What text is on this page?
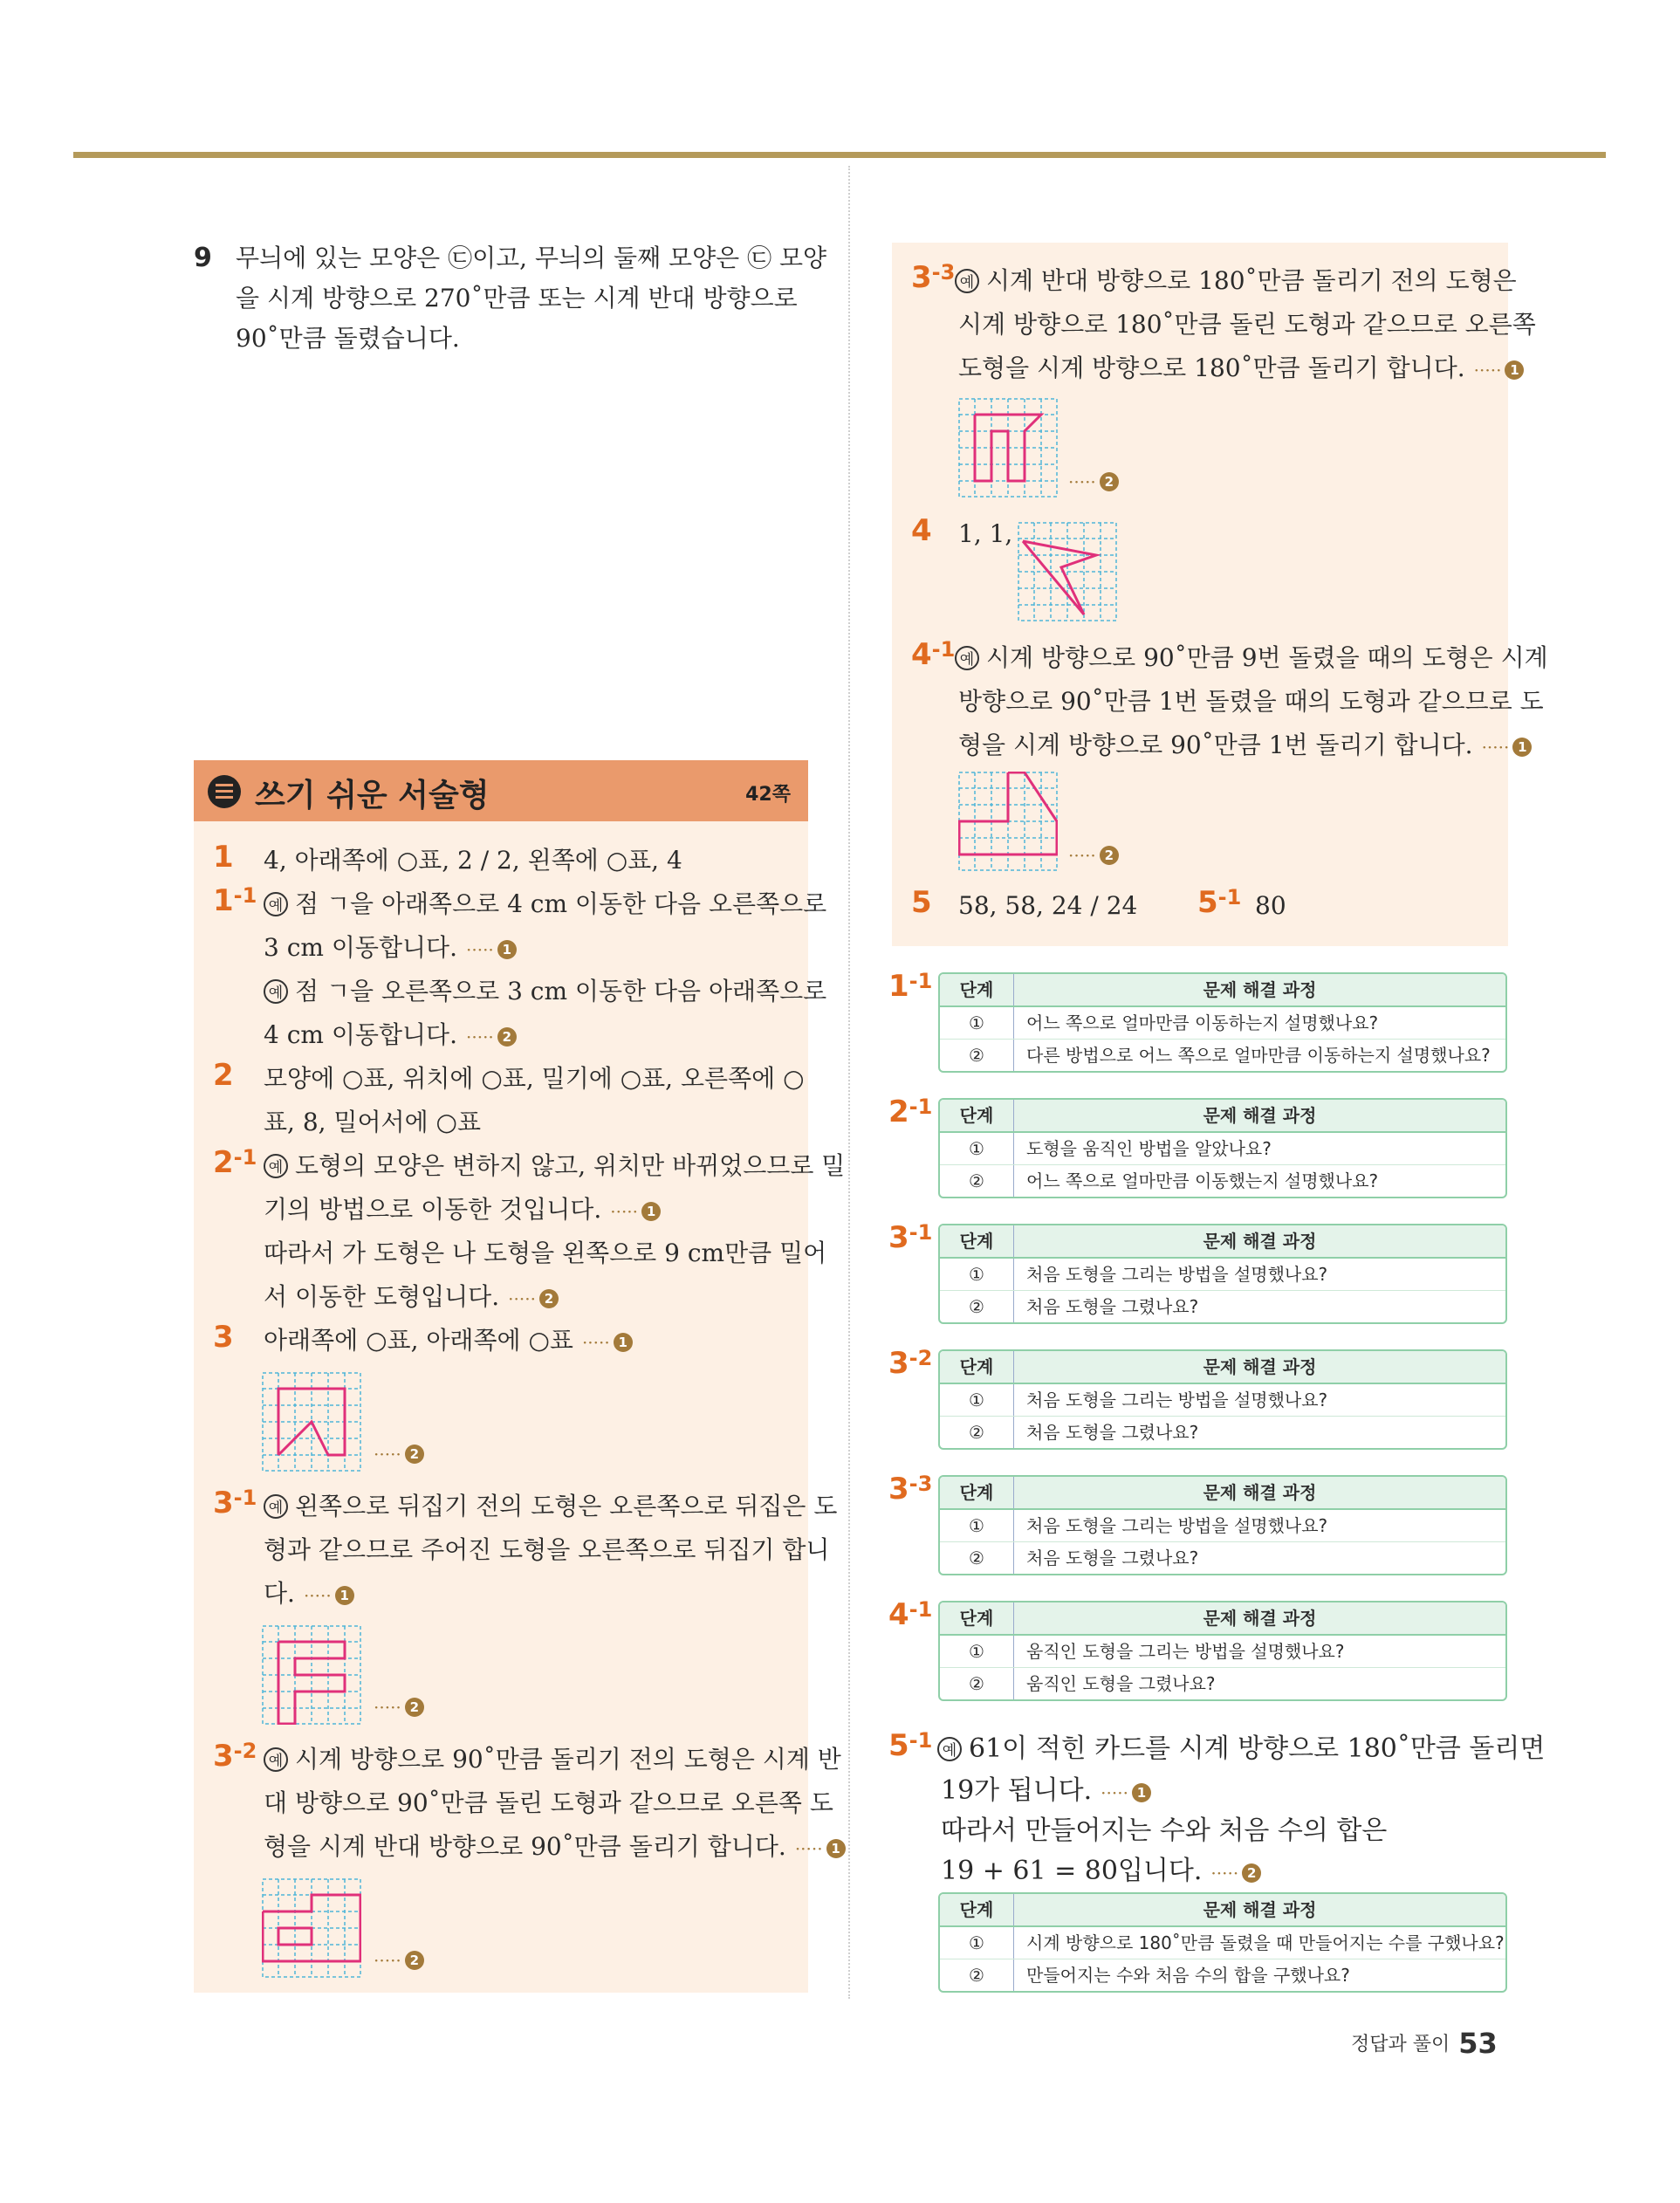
9 무늬에 있는 모양은 ㉢이고, 무늬의 둘째 모양은 ㉢ 모양
을 시계 방향으로 270˚만큼 또는 시계 반대 방향으로
90˚만큼 돌렸습니다.
쓰기 쉬운 서술형	42쪽
1 4, 아래쪽에 ○표, 2 / 2, 왼쪽에 ○표, 4
$1^{-1}$ 예 점 ㄱ을 아래쪽으로 4 cm 이동한 다음 오른쪽으로
3 cm 이동합니다. ····· 1
예 점 ㄱ을 오른쪽으로 3 cm 이동한 다음 아래쪽으로
4 cm 이동합니다. ····· 2
2 모양에 ○표, 위치에 ○표, 밀기에 ○표, 오른쪽에 ○
표, 8, 밀어서에 ○표
$2^{-1}$ 예 도형의 모양은 변하지 않고, 위치만 바뀌었으므로 밀
기의 방법으로 이동한 것입니다. ····· 1
따라서 가 도형은 나 도형을 왼쪽으로 9 cm만큼 밀어
서 이동한 도형입니다. ····· 2
3 아래쪽에 ○표, 아래쪽에 ○표 ····· 1
····· 2
$3^{-1}$ 예 왼쪽으로 뒤집기 전의 도형은 오른쪽으로 뒤집은 도
형과 같으므로 주어진 도형을 오른쪽으로 뒤집기 합니
다. ····· 1
····· 2
$3^{-2}$ 예 시계 방향으로 90˚만큼 돌리기 전의 도형은 시계 반
대 방향으로 90˚만큼 돌린 도형과 같으므로 오른쪽 도
형을 시계 반대 방향으로 90˚만큼 돌리기 합니다. ····· 1
····· 2
$3^{-3}$ 예 시계 반대 방향으로 180˚만큼 돌리기 전의 도형은
시계 방향으로 180˚만큼 돌린 도형과 같으므로 오른쪽
도형을 시계 방향으로 180˚만큼 돌리기 합니다. ····· 1
····· 2
4 1, 1,
$4^{-1}$ 예 시계 방향으로 90˚만큼 9번 돌렸을 때의 도형은 시계
방향으로 90˚만큼 1번 돌렸을 때의 도형과 같으므로 도
형을 시계 방향으로 90˚만큼 1번 돌리기 합니다. ····· 1
····· 2
5 58, 58, 24 / 24 $5^{-1}$ 80
$1^{-1}$	단계	문제 해결 과정
①	어느 쪽으로 얼마만큼 이동하는지 설명했나요?
②	다른 방법으로 어느 쪽으로 얼마만큼 이동하는지 설명했나요?
$2^{-1}$	단계	문제 해결 과정
①	도형을 움직인 방법을 알았나요?
②	어느 쪽으로 얼마만큼 이동했는지 설명했나요?
$3^{-1}$	단계	문제 해결 과정
①	처음 도형을 그리는 방법을 설명했나요?
②	처음 도형을 그렸나요?
$3^{-2}$	단계	문제 해결 과정
①	처음 도형을 그리는 방법을 설명했나요?
②	처음 도형을 그렸나요?
$3^{-3}$	단계	문제 해결 과정
①	처음 도형을 그리는 방법을 설명했나요?
②	처음 도형을 그렸나요?
$4^{-1}$	단계	문제 해결 과정
①	움직인 도형을 그리는 방법을 설명했나요?
②	움직인 도형을 그렸나요?
$5^{-1}$ 예 61이 적힌 카드를 시계 방향으로 180˚만큼 돌리면
19가 됩니다. ····· 1
따라서 만들어지는 수와 처음 수의 합은
19 + 61 = 80입니다. ····· 2
단계	문제 해결 과정
①	시계 방향으로 180˚만큼 돌렸을 때 만들어지는 수를 구했나요?
②	만들어지는 수와 처음 수의 합을 구했나요?
정답과 풀이 53
